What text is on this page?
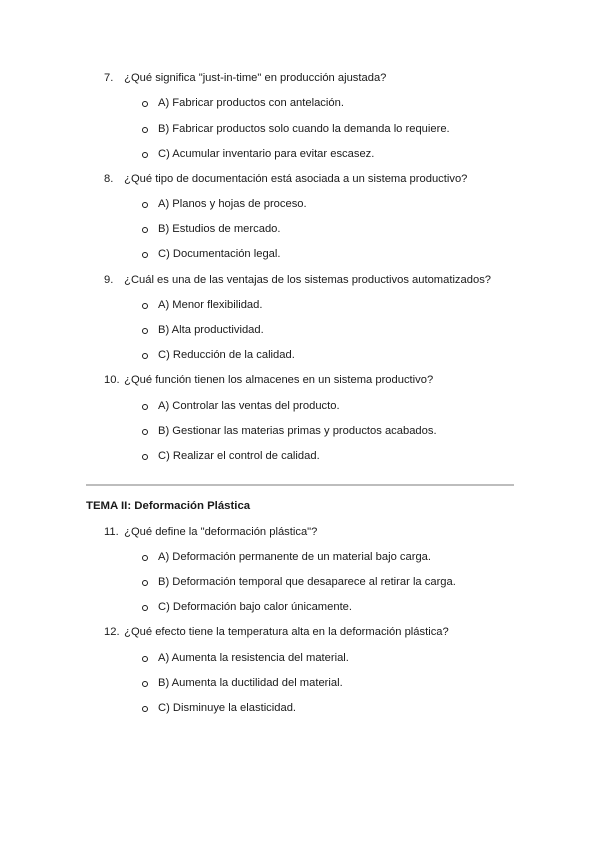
7. ¿Qué significa "just-in-time" en producción ajustada?
A) Fabricar productos con antelación.
B) Fabricar productos solo cuando la demanda lo requiere.
C) Acumular inventario para evitar escasez.
8. ¿Qué tipo de documentación está asociada a un sistema productivo?
A) Planos y hojas de proceso.
B) Estudios de mercado.
C) Documentación legal.
9. ¿Cuál es una de las ventajas de los sistemas productivos automatizados?
A) Menor flexibilidad.
B) Alta productividad.
C) Reducción de la calidad.
10. ¿Qué función tienen los almacenes en un sistema productivo?
A) Controlar las ventas del producto.
B) Gestionar las materias primas y productos acabados.
C) Realizar el control de calidad.
TEMA II: Deformación Plástica
11. ¿Qué define la "deformación plástica"?
A) Deformación permanente de un material bajo carga.
B) Deformación temporal que desaparece al retirar la carga.
C) Deformación bajo calor únicamente.
12. ¿Qué efecto tiene la temperatura alta en la deformación plástica?
A) Aumenta la resistencia del material.
B) Aumenta la ductilidad del material.
C) Disminuye la elasticidad.
